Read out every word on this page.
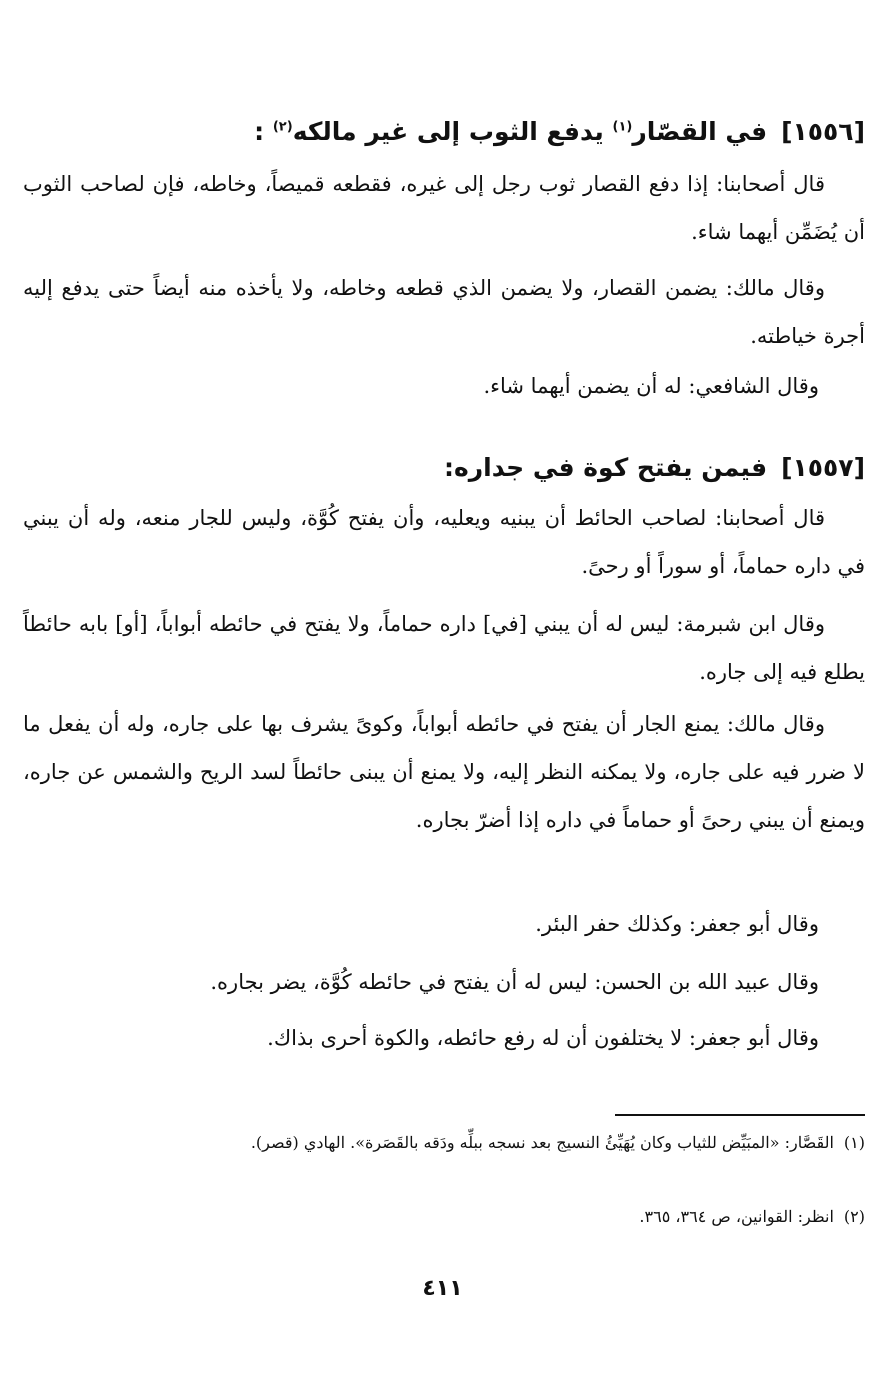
[١٥٥٦]في القصّار$^{(١)}$ يدفع الثوب إلى غير مالكه$^{(٢)}$ :
قال أصحابنا: إذا دفع القصار ثوب رجل إلى غيره، فقطعه قميصاً، وخاطه، فإن لصاحب الثوب أن يُضَمِّن أيهما شاء.
وقال مالك: يضمن القصار، ولا يضمن الذي قطعه وخاطه، ولا يأخذه منه أيضاً حتى يدفع إليه أجرة خياطته.
وقال الشافعي: له أن يضمن أيهما شاء.
[١٥٥٧]فيمن يفتح كوة في جداره:
قال أصحابنا: لصاحب الحائط أن يبنيه ويعليه، وأن يفتح كُوَّة، وليس للجار منعه، وله أن يبني في داره حماماً، أو سوراً أو رحىً.
وقال ابن شبرمة: ليس له أن يبني [في] داره حماماً، ولا يفتح في حائطه أبواباً، [أو] بابه حائطاً يطلع فيه إلى جاره.
وقال مالك: يمنع الجار أن يفتح في حائطه أبواباً، وكوىً يشرف بها على جاره، وله أن يفعل ما لا ضرر فيه على جاره، ولا يمكنه النظر إليه، ولا يمنع أن يبنى حائطاً لسد الريح والشمس عن جاره، ويمنع أن يبني رحىً أو حماماً في داره إذا أضرّ بجاره.
وقال أبو جعفر: وكذلك حفر البئر.
وقال عبيد الله بن الحسن: ليس له أن يفتح في حائطه كُوَّة، يضر بجاره.
وقال أبو جعفر: لا يختلفون أن له رفع حائطه، والكوة أحرى بذاك.
(١)القَصَّار: «المبَيِّض للثياب وكان يُهَيِّئُ النسيج بعد نسجه ببلِّه ودَقه بالقَصَرة». الهادي (قصر).
(٢)انظر: القوانين، ص ٣٦٤، ٣٦٥.
٤١١
